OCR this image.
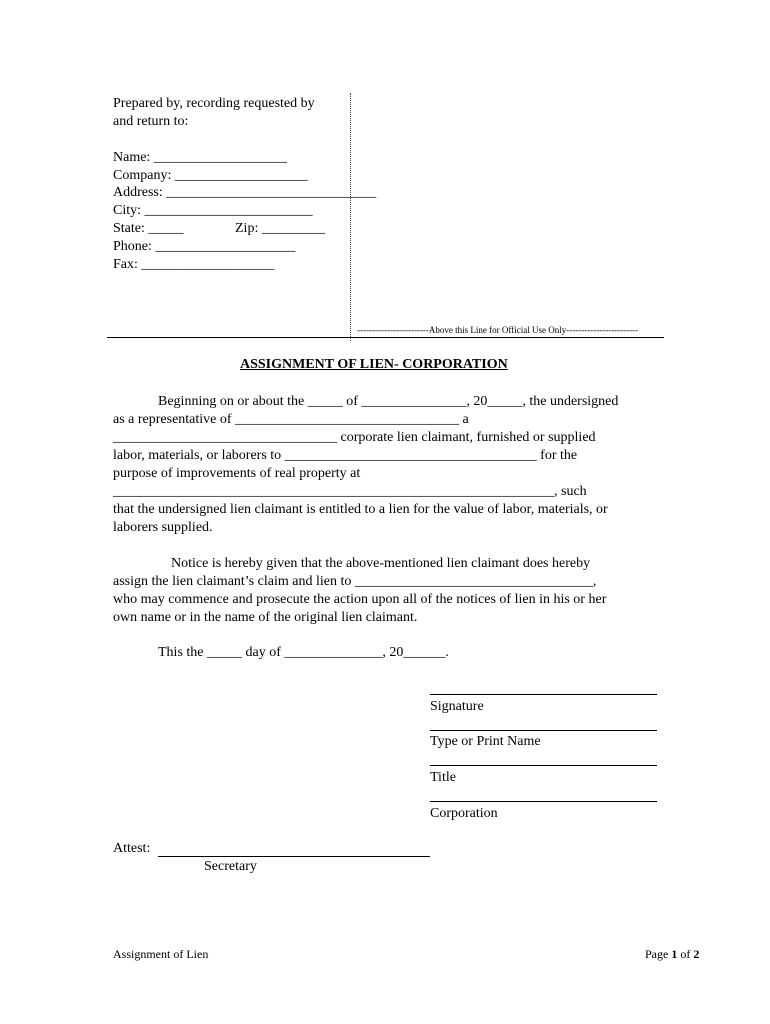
Prepared by, recording requested by
and return to:
Name: ___________________
Company: ___________________
Address: ______________________________
City: ________________________
State: _____	Zip: _________
Phone: ____________________
Fax: ___________________
------------------------Above this Line for Official Use Only------------------------
ASSIGNMENT OF LIEN- CORPORATION
Beginning on or about the _____ of _______________, 20_____, the undersigned
as a representative of ________________________________ a
________________________________ corporate lien claimant, furnished or supplied
labor, materials, or laborers to ____________________________________ for the
purpose of improvements of real property at
_______________________________________________________________, such
that the undersigned lien claimant is entitled to a lien for the value of labor, materials, or
laborers supplied.
Notice is hereby given that the above-mentioned lien claimant does hereby
assign the lien claimant’s claim and lien to __________________________________,
who may commence and prosecute the action upon all of the notices of lien in his or her
own name or in the name of the original lien claimant.
This the _____ day of ______________, 20______.
Signature
Type or Print Name
Title
Corporation
Attest:
Secretary
Assignment of Lien	Page 1 of 2
